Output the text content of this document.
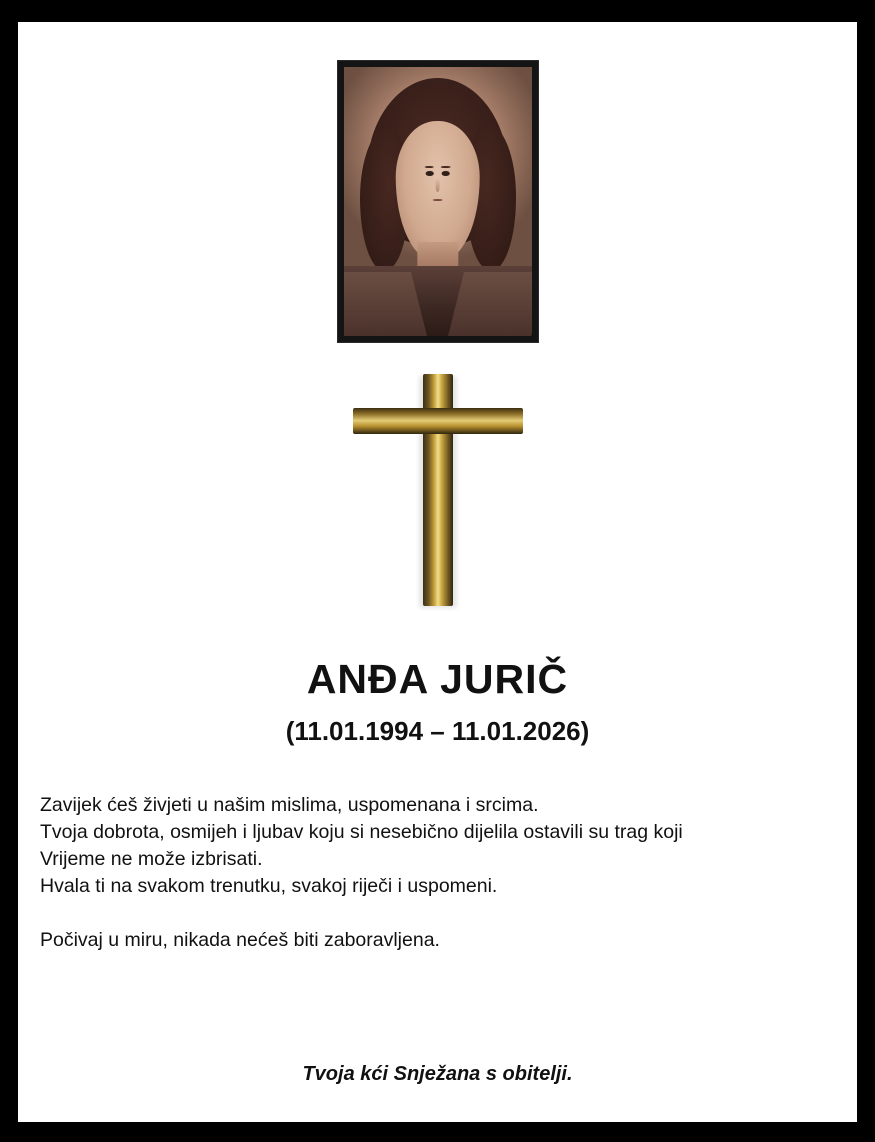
ANĐA JURIČ
(11.01.1994 – 11.01.2026)

Zavijek ćeš živjeti u našim mislima, uspomenana i srcima.

Tvoja dobrota, osmijeh i ljubav koju si nesebično dijelila ostavili su trag koji

Vrijeme ne može izbrisati.

Hvala ti na svakom trenutku, svakoj riječi i uspomeni.

Počivaj u miru, nikada nećeš biti zaboravljena.

Tvoja kći Snježana s obitelji.
